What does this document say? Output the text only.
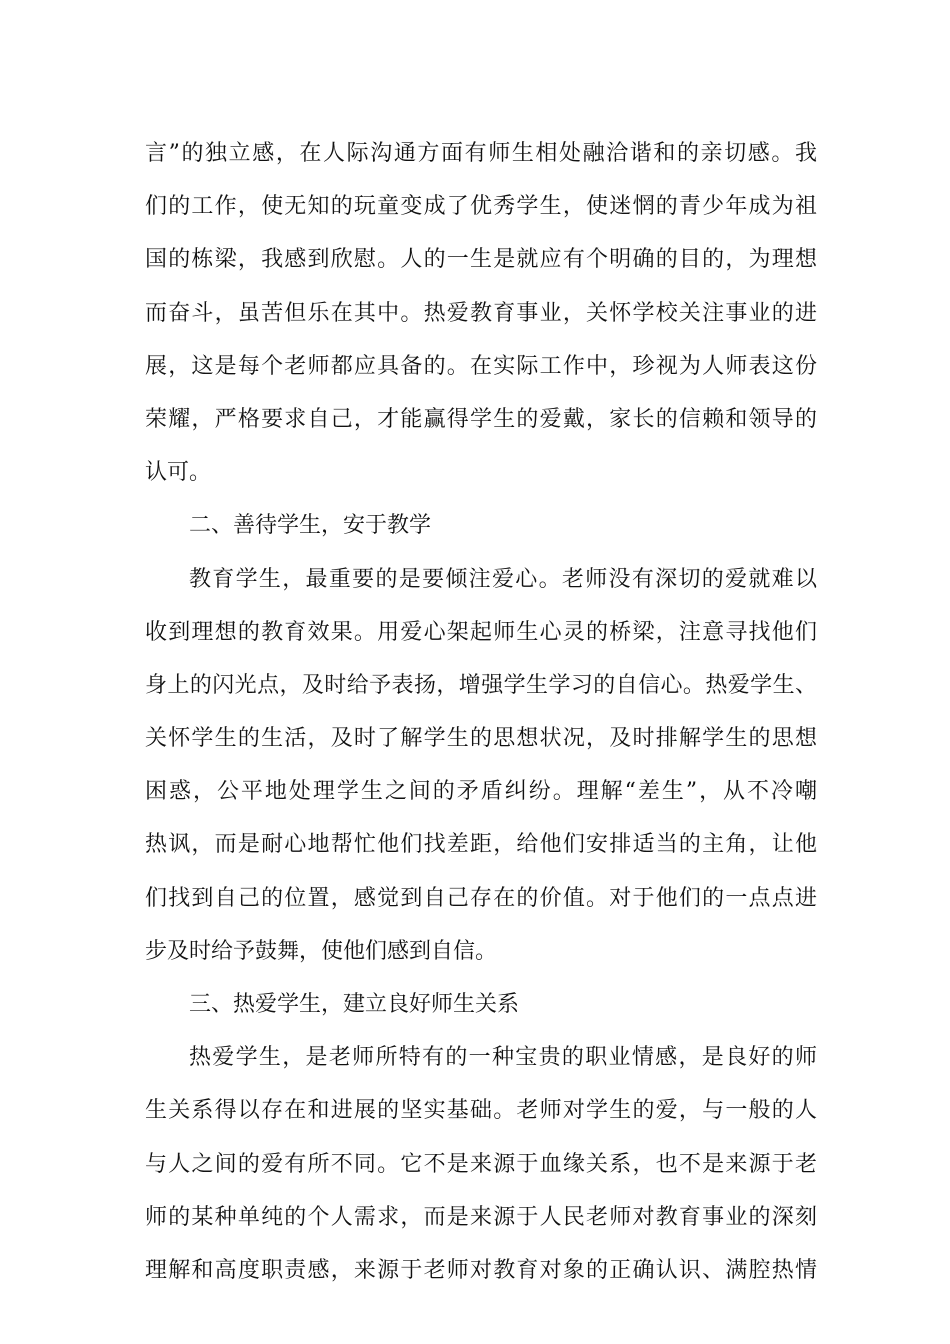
言”的独立感，在人际沟通方面有师生相处融洽谐和的亲切感。我
们的工作，使无知的玩童变成了优秀学生，使迷惘的青少年成为祖
国的栋梁，我感到欣慰。人的一生是就应有个明确的目的，为理想
而奋斗，虽苦但乐在其中。热爱教育事业，关怀学校关注事业的进
展，这是每个老师都应具备的。在实际工作中，珍视为人师表这份
荣耀，严格要求自己，才能赢得学生的爱戴，家长的信赖和领导的
认可。
二、善待学生，安于教学
教育学生，最重要的是要倾注爱心。老师没有深切的爱就难以
收到理想的教育效果。用爱心架起师生心灵的桥梁，注意寻找他们
身上的闪光点，及时给予表扬，增强学生学习的自信心。热爱学生、
关怀学生的生活，及时了解学生的思想状况，及时排解学生的思想
困惑，公平地处理学生之间的矛盾纠纷。理解“差生”，从不冷嘲
热讽，而是耐心地帮忙他们找差距，给他们安排适当的主角，让他
们找到自己的位置，感觉到自己存在的价值。对于他们的一点点进
步及时给予鼓舞，使他们感到自信。
三、热爱学生，建立良好师生关系
热爱学生，是老师所特有的一种宝贵的职业情感，是良好的师
生关系得以存在和进展的坚实基础。老师对学生的爱，与一般的人
与人之间的爱有所不同。它不是来源于血缘关系，也不是来源于老
师的某种单纯的个人需求，而是来源于人民老师对教育事业的深刻
理解和高度职责感，来源于老师对教育对象的正确认识、满腔热情
